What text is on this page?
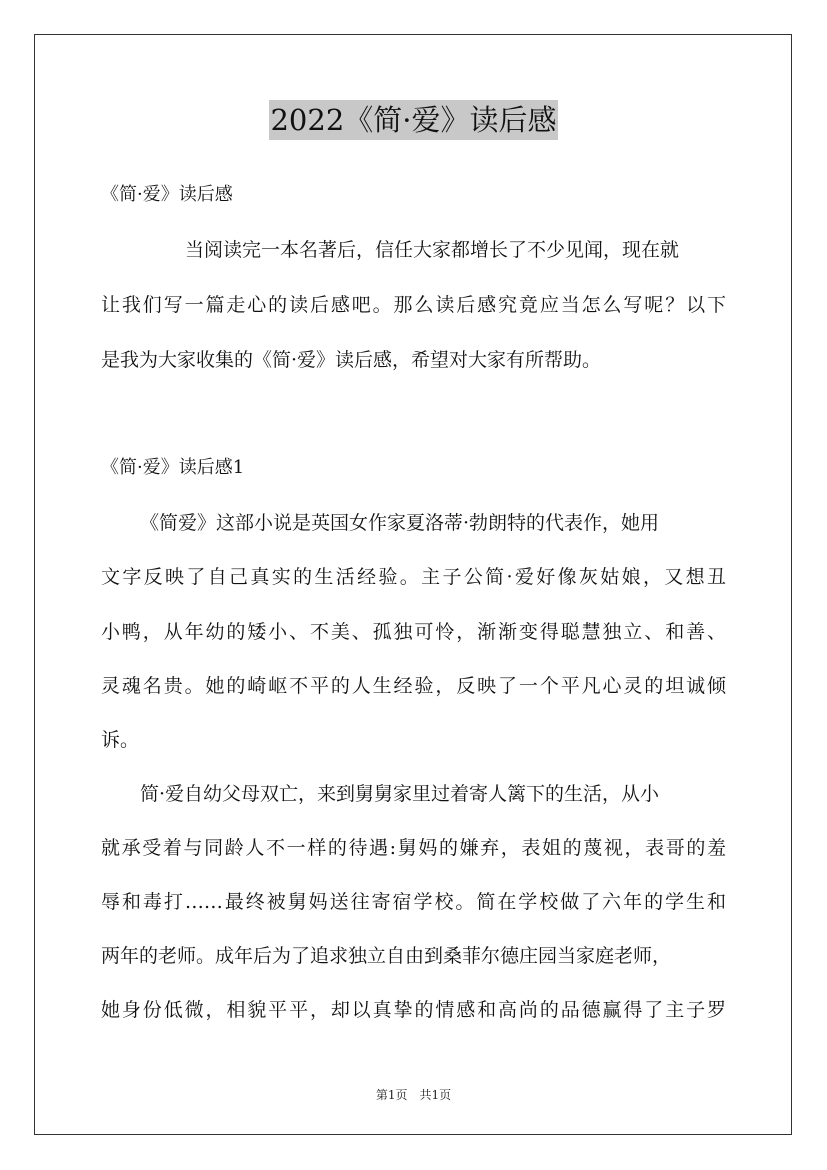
2022《简·爱》读后感
《简·爱》读后感
当阅读完一本名著后，信任大家都增长了不少见闻，现在就
让我们写一篇走心的读后感吧。那么读后感究竟应当怎么写呢？以下
是我为大家收集的《简·爱》读后感，希望对大家有所帮助。
《简·爱》读后感1
《简爱》这部小说是英国女作家夏洛蒂·勃朗特的代表作，她用
文字反映了自己真实的生活经验。主子公简·爱好像灰姑娘，又想丑
小鸭，从年幼的矮小、不美、孤独可怜，渐渐变得聪慧独立、和善、
灵魂名贵。她的崎岖不平的人生经验，反映了一个平凡心灵的坦诚倾
诉。
简·爱自幼父母双亡，来到舅舅家里过着寄人篱下的生活，从小
就承受着与同龄人不一样的待遇:舅妈的嫌弃，表姐的蔑视，表哥的羞
辱和毒打……最终被舅妈送往寄宿学校。简在学校做了六年的学生和
两年的老师。成年后为了追求独立自由到桑菲尔德庄园当家庭老师，
她身份低微，相貌平平，却以真挚的情感和高尚的品德赢得了主子罗
第1页　共1页
